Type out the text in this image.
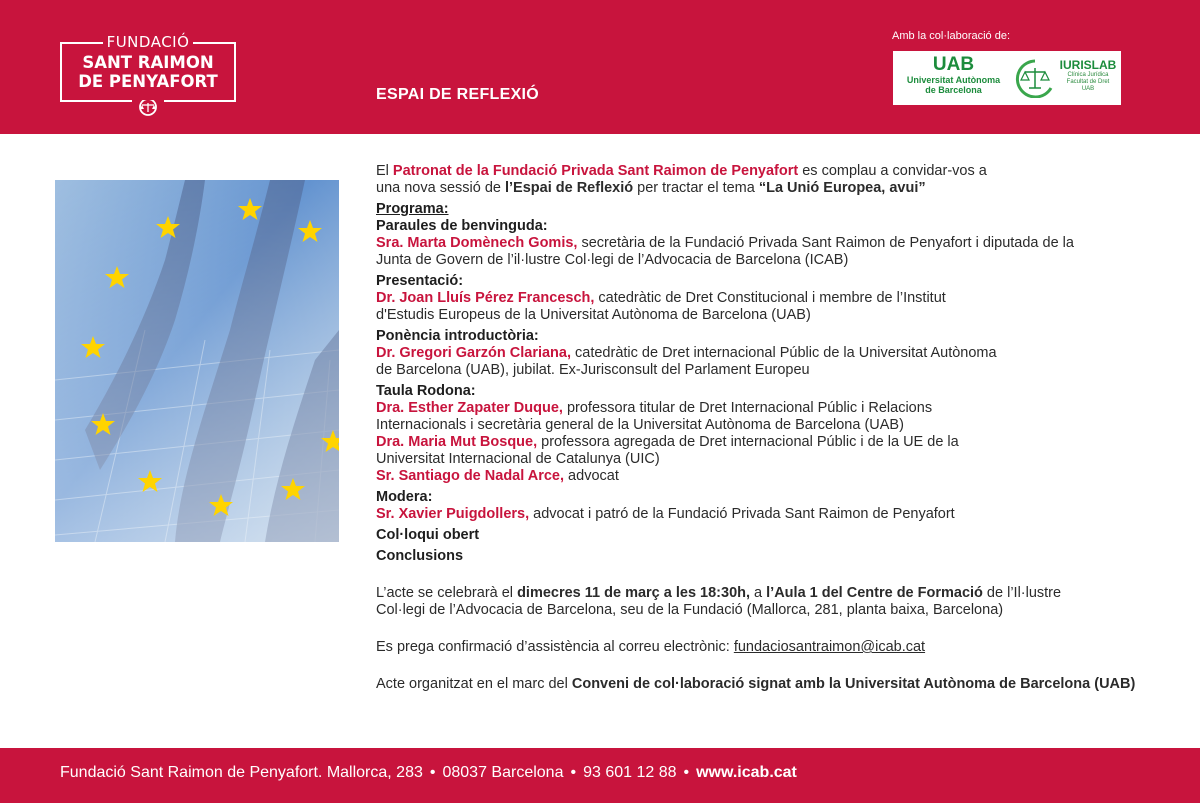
FUNDACIÓ
SANT RAIMON
DE PENYAFORT
ESPAI DE REFLEXIÓ
Amb la col·laboració de:
UAB
Universitat Autònoma
de Barcelona
IURISLAB
Clínica Jurídica
Facultat de Dret
UAB

El Patronat de la Fundació Privada Sant Raimon de Penyafort es complau a convidar-vos a

una nova sessió de l’Espai de Reflexió per tractar el tema “La Unió Europea, avui”

Programa:

Paraules de benvinguda:

Sra. Marta Domènech Gomis, secretària de la Fundació Privada Sant Raimon de Penyafort i diputada de la

Junta de Govern de l’il·lustre Col·legi de l’Advocacia de Barcelona (ICAB)

Presentació:

Dr. Joan Lluís Pérez Francesch, catedràtic de Dret Constitucional i membre de l’Institut

d'Estudis Europeus de la Universitat Autònoma de Barcelona (UAB)

Ponència introductòria:

Dr. Gregori Garzón Clariana, catedràtic de Dret internacional Públic de la Universitat Autònoma

de Barcelona (UAB), jubilat. Ex-Jurisconsult del Parlament Europeu

Taula Rodona:

Dra. Esther Zapater Duque, professora titular de Dret Internacional Públic i Relacions

Internacionals i secretària general de la Universitat Autònoma de Barcelona (UAB)

Dra. Maria Mut Bosque, professora agregada de Dret internacional Públic i de la UE de la

Universitat Internacional de Catalunya (UIC)

Sr. Santiago de Nadal Arce, advocat

Modera:

Sr. Xavier Puigdollers, advocat i patró de la Fundació Privada Sant Raimon de Penyafort

Col·loqui obert

Conclusions

L’acte se celebrarà el dimecres 11 de març a les 18:30h, a l’Aula 1 del Centre de Formació de l’Il·lustre

Col·legi de l’Advocacia de Barcelona, seu de la Fundació (Mallorca, 281, planta baixa, Barcelona)

Es prega confirmació d’assistència al correu electrònic: fundaciosantraimon@icab.cat

Acte organitzat en el marc del Conveni de col·laboració signat amb la Universitat Autònoma de Barcelona (UAB)

Fundació Sant Raimon de Penyafort. Mallorca, 283 • 08037 Barcelona • 93 601 12 88 • www.icab.cat
